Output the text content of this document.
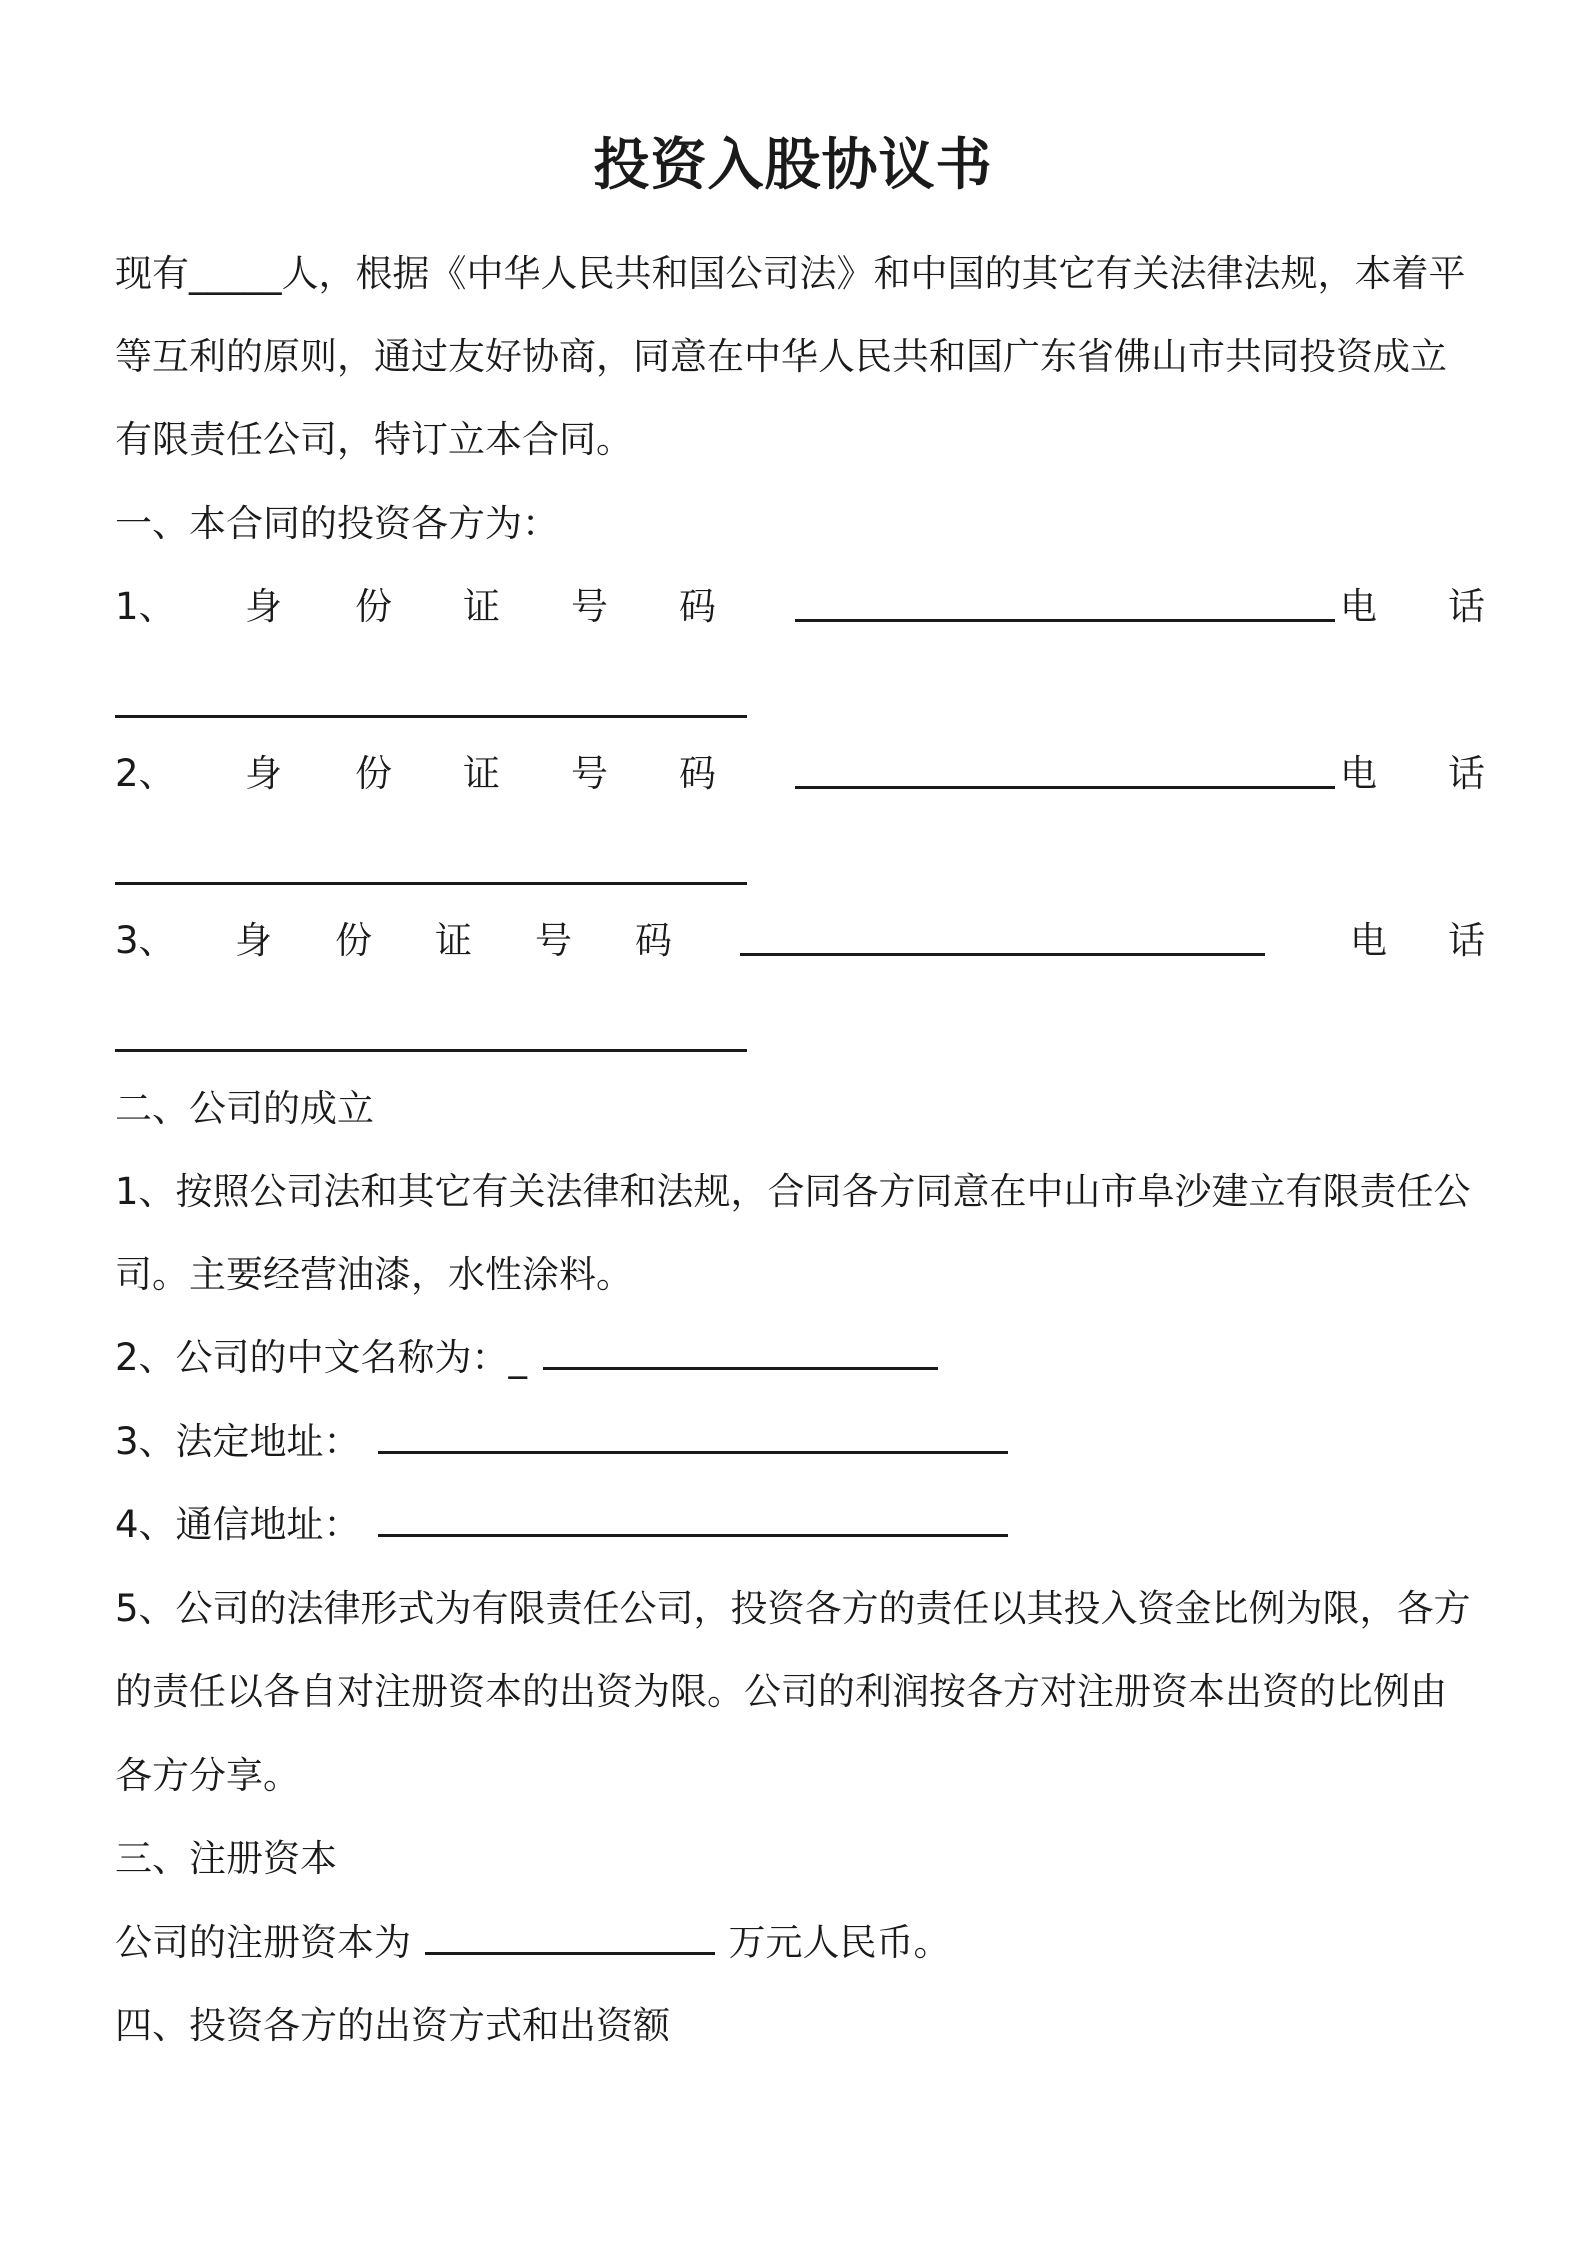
投资入股协议书
现有_____人，根据《中华人民共和国公司法》和中国的其它有关法律法规，本着平
等互利的原则，通过友好协商，同意在中华人民共和国广东省佛山市共同投资成立
有限责任公司，特订立本合同。
一、本合同的投资各方为：
1、 身 份 证 号 码	电 话
2、 身 份 证 号 码	电 话
3、 身 份 证 号 码	电 话
二、公司的成立
1、按照公司法和其它有关法律和法规，合同各方同意在中山市阜沙建立有限责任公
司。主要经营油漆，水性涂料。
2、公司的中文名称为：_
3、法定地址：
4、通信地址：
5、公司的法律形式为有限责任公司，投资各方的责任以其投入资金比例为限，各方
的责任以各自对注册资本的出资为限。公司的利润按各方对注册资本出资的比例由
各方分享。
三、注册资本
公司的注册资本为	万元人民币。
四、投资各方的出资方式和出资额
